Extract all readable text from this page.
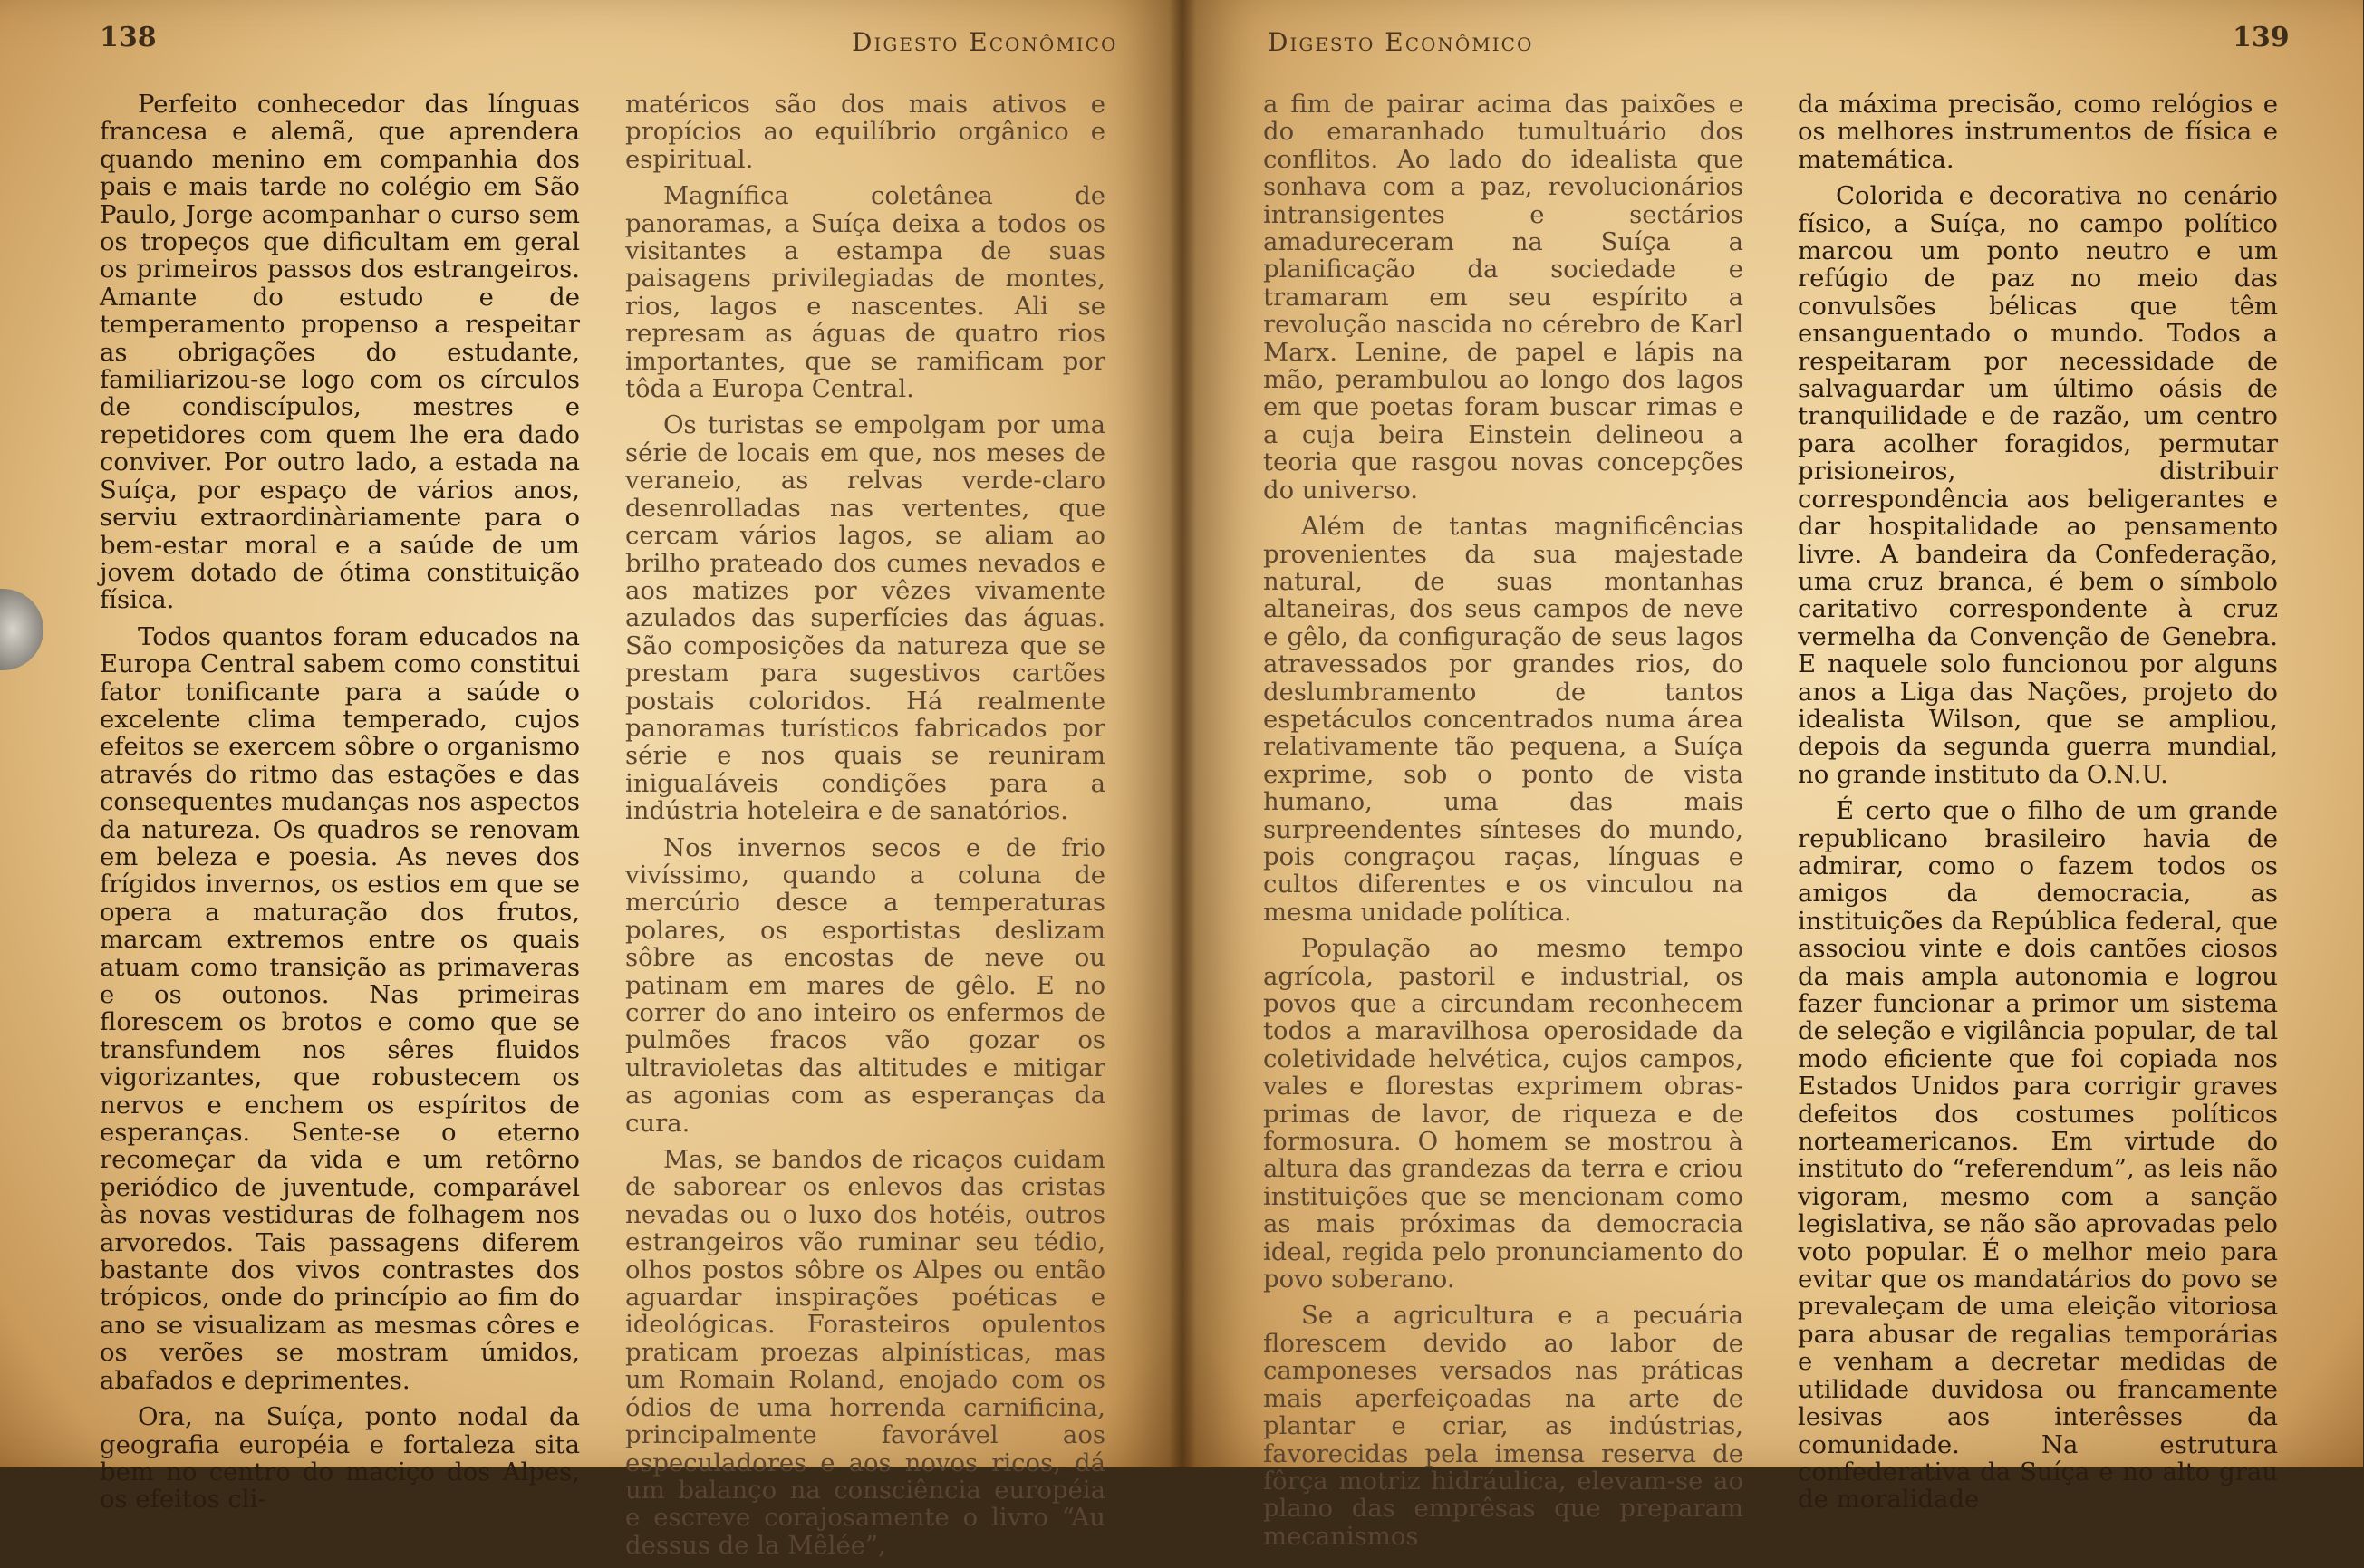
138	Digesto Econômico

Perfeito conhecedor das línguas francesa e alemã, que aprendera quando menino em companhia dos pais e mais tarde no colégio em São Paulo, Jorge acompanhar o curso sem os tropeços que dificultam em geral os primeiros passos dos estrangeiros. Amante do estudo e de temperamento propenso a respeitar as obrigações do estudante, familiarizou-se logo com os círculos de condiscípulos, mestres e repetidores com quem lhe era dado conviver. Por outro lado, a estada na Suíça, por espaço de vários anos, serviu extraordinàriamente para o bem-estar moral e a saúde de um jovem dotado de ótima constituição física.

Todos quantos foram educados na Europa Central sabem como constitui fator tonificante para a saúde o excelente clima temperado, cujos efeitos se exercem sôbre o organismo através do ritmo das estações e das consequentes mudanças nos aspectos da natureza. Os quadros se renovam em beleza e poesia. As neves dos frígidos invernos, os estios em que se opera a maturação dos frutos, marcam extremos entre os quais atuam como transição as primaveras e os outonos. Nas primeiras florescem os brotos e como que se transfundem nos sêres fluidos vigorizantes, que robustecem os nervos e enchem os espíritos de esperanças. Sente-se o eterno recomeçar da vida e um retôrno periódico de juventude, comparável às novas vestiduras de folhagem nos arvoredos. Tais passagens diferem bastante dos vivos contrastes dos trópicos, onde do princípio ao fim do ano se visualizam as mesmas côres e os verões se mostram úmidos, abafados e deprimentes.

Ora, na Suíça, ponto nodal da geografia européia e fortaleza sita bem no centro do maciço dos Alpes, os efeitos cli-

matéricos são dos mais ativos e propícios ao equilíbrio orgânico e espiritual.

Magnífica coletânea de panoramas, a Suíça deixa a todos os visitantes a estampa de suas paisagens privilegiadas de montes, rios, lagos e nascentes. Ali se represam as águas de quatro rios importantes, que se ramificam por tôda a Europa Central.

Os turistas se empolgam por uma série de locais em que, nos meses de veraneio, as relvas verde-claro desenrolladas nas vertentes, que cercam vários lagos, se aliam ao brilho prateado dos cumes nevados e aos matizes por vêzes vivamente azulados das superfícies das águas. São composições da natureza que se prestam para sugestivos cartões postais coloridos. Há realmente panoramas turísticos fabricados por série e nos quais se reuniram iniguaIáveis condições para a indústria hoteleira e de sanatórios.

Nos invernos secos e de frio vivíssimo, quando a coluna de mercúrio desce a temperaturas polares, os esportistas deslizam sôbre as encostas de neve ou patinam em mares de gêlo. E no correr do ano inteiro os enfermos de pulmões fracos vão gozar os ultravioletas das altitudes e mitigar as agonias com as esperanças da cura.

Mas, se bandos de ricaços cuidam de saborear os enlevos das cristas nevadas ou o luxo dos hotéis, outros estrangeiros vão ruminar seu tédio, olhos postos sôbre os Alpes ou então aguardar inspirações poéticas e ideológicas. Forasteiros opulentos praticam proezas alpinísticas, mas um Romain Roland, enojado com os ódios de uma horrenda carnificina, principalmente favorável aos especuladores e aos novos ricos, dá um balanço na consciência européia e escreve corajosamente o livro “Au dessus de la Mêlée”,

Digesto Econômico	139

a fim de pairar acima das paixões e do emaranhado tumultuário dos conflitos. Ao lado do idealista que sonhava com a paz, revolucionários intransigentes e sectários amadureceram na Suíça a planificação da sociedade e tramaram em seu espírito a revolução nascida no cérebro de Karl Marx. Lenine, de papel e lápis na mão, perambulou ao longo dos lagos em que poetas foram buscar rimas e a cuja beira Einstein delineou a teoria que rasgou novas concepções do universo.

Além de tantas magnificências provenientes da sua majestade natural, de suas montanhas altaneiras, dos seus campos de neve e gêlo, da configuração de seus lagos atravessados por grandes rios, do deslumbramento de tantos espetáculos concentrados numa área relativamente tão pequena, a Suíça exprime, sob o ponto de vista humano, uma das mais surpreendentes sínteses do mundo, pois congraçou raças, línguas e cultos diferentes e os vinculou na mesma unidade política.

População ao mesmo tempo agrícola, pastoril e industrial, os povos que a circundam reconhecem todos a maravilhosa operosidade da coletividade helvética, cujos campos, vales e florestas exprimem obras-primas de lavor, de riqueza e de formosura. O homem se mostrou à altura das grandezas da terra e criou instituições que se mencionam como as mais próximas da democracia ideal, regida pelo pronunciamento do povo soberano.

Se a agricultura e a pecuária florescem devido ao labor de camponeses versados nas práticas mais aperfeiçoadas na arte de plantar e criar, as indústrias, favorecidas pela imensa reserva de fôrça motriz hidráulica, elevam-se ao plano das emprêsas que preparam mecanismos

da máxima precisão, como relógios e os melhores instrumentos de física e matemática.

Colorida e decorativa no cenário físico, a Suíça, no campo político marcou um ponto neutro e um refúgio de paz no meio das convulsões bélicas que têm ensanguentado o mundo. Todos a respeitaram por necessidade de salvaguardar um último oásis de tranquilidade e de razão, um centro para acolher foragidos, permutar prisioneiros, distribuir correspondência aos beligerantes e dar hospitalidade ao pensamento livre. A bandeira da Confederação, uma cruz branca, é bem o símbolo caritativo correspondente à cruz vermelha da Convenção de Genebra. E naquele solo funcionou por alguns anos a Liga das Nações, projeto do idealista Wilson, que se ampliou, depois da segunda guerra mundial, no grande instituto da O.N.U.

É certo que o filho de um grande republicano brasileiro havia de admirar, como o fazem todos os amigos da democracia, as instituições da República federal, que associou vinte e dois cantões ciosos da mais ampla autonomia e logrou fazer funcionar a primor um sistema de seleção e vigilância popular, de tal modo eficiente que foi copiada nos Estados Unidos para corrigir graves defeitos dos costumes políticos norteamericanos. Em virtude do instituto do “referendum”, as leis não vigoram, mesmo com a sanção legislativa, se não são aprovadas pelo voto popular. É o melhor meio para evitar que os mandatários do povo se prevaleçam de uma eleição vitoriosa para abusar de regalias temporárias e venham a decretar medidas de utilidade duvidosa ou francamente lesivas aos interêsses da comunidade. Na estrutura confederativa da Suíça e no alto grau de moralidade
